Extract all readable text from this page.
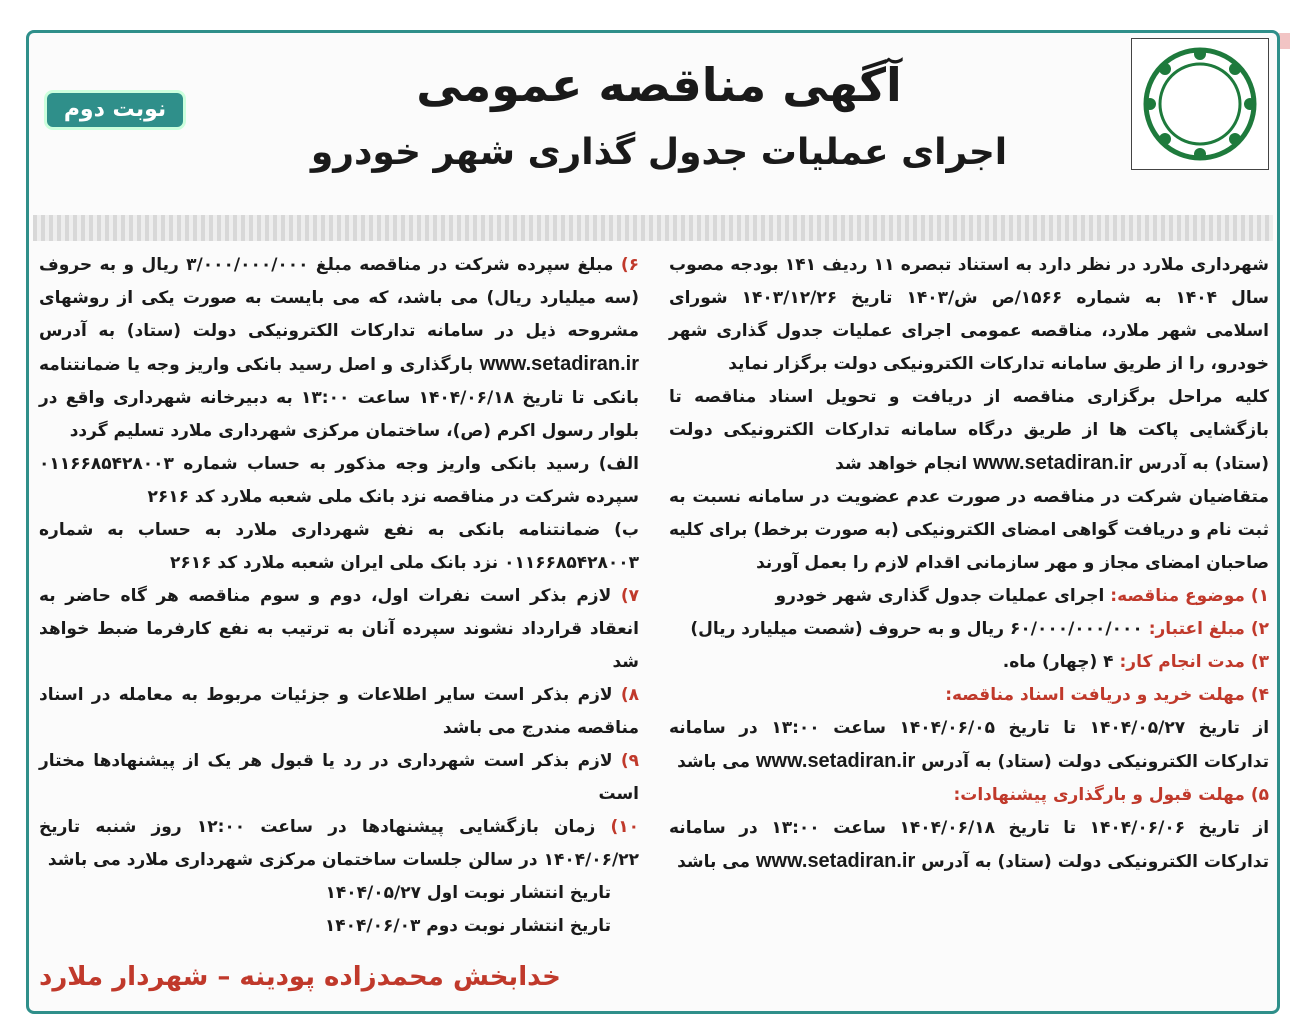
آگهی مناقصه عمومی
اجرای عملیات جدول گذاری شهر خودرو
نوبت دوم

شهرداری ملارد در نظر دارد به استناد تبصره ۱۱ ردیف ۱۴۱ بودجه مصوب سال ۱۴۰۴ به شماره ۱۵۶۶/ص ش/۱۴۰۳ تاریخ ۱۴۰۳/۱۲/۲۶ شورای اسلامی شهر ملارد، مناقصه عمومی اجرای عملیات جدول گذاری شهر خودرو، را از طریق سامانه تدارکات الکترونیکی دولت برگزار نماید

کلیه مراحل برگزاری مناقصه از دریافت و تحویل اسناد مناقصه تا بازگشایی پاکت ها از طریق درگاه سامانه تدارکات الکترونیکی دولت (ستاد) به آدرس www.setadiran.ir انجام خواهد شد

متقاضیان شرکت در مناقصه در صورت عدم عضویت در سامانه نسبت به ثبت نام و دریافت گواهی امضای الکترونیکی (به صورت برخط) برای کلیه صاحبان امضای مجاز و مهر سازمانی اقدام لازم را بعمل آورند

۱) موضوع مناقصه: اجرای عملیات جدول گذاری شهر خودرو

۲) مبلغ اعتبار: ۶۰/۰۰۰/۰۰۰/۰۰۰ ریال و به حروف (شصت میلیارد ریال)

۳) مدت انجام کار: ۴ (چهار) ماه.

۴) مهلت خرید و دریافت اسناد مناقصه:
از تاریخ ۱۴۰۴/۰۵/۲۷ تا تاریخ ۱۴۰۴/۰۶/۰۵ ساعت ۱۳:۰۰ در سامانه تدارکات الکترونیکی دولت (ستاد) به آدرس www.setadiran.ir می باشد

۵) مهلت قبول و بارگذاری پیشنهادات:
از تاریخ ۱۴۰۴/۰۶/۰۶ تا تاریخ ۱۴۰۴/۰۶/۱۸ ساعت ۱۳:۰۰ در سامانه تدارکات الکترونیکی دولت (ستاد) به آدرس www.setadiran.ir می باشد

۶) مبلغ سپرده شرکت در مناقصه مبلغ ۳/۰۰۰/۰۰۰/۰۰۰ ریال و به حروف (سه میلیارد ریال) می باشد، که می بایست به صورت یکی از روشهای مشروحه ذیل در سامانه تدارکات الکترونیکی دولت (ستاد) به آدرس www.setadiran.ir بارگذاری و اصل رسید بانکی واریز وجه یا ضمانتنامه بانکی تا تاریخ ۱۴۰۴/۰۶/۱۸ ساعت ۱۳:۰۰ به دبیرخانه شهرداری واقع در بلوار رسول اکرم (ص)، ساختمان مرکزی شهرداری ملارد تسلیم گردد

الف) رسید بانکی واریز وجه مذکور به حساب شماره ۰۱۱۶۶۸۵۴۲۸۰۰۳ سپرده شرکت در مناقصه نزد بانک ملی شعبه ملارد کد ۲۶۱۶

ب) ضمانتنامه بانکی به نفع شهرداری ملارد به حساب به شماره ۰۱۱۶۶۸۵۴۲۸۰۰۳ نزد بانک ملی ایران شعبه ملارد کد ۲۶۱۶

۷) لازم بذکر است نفرات اول، دوم و سوم مناقصه هر گاه حاضر به انعقاد قرارداد نشوند سپرده آنان به ترتیب به نفع کارفرما ضبط خواهد شد

۸) لازم بذکر است سایر اطلاعات و جزئیات مربوط به معامله در اسناد مناقصه مندرج می باشد

۹) لازم بذکر است شهرداری در رد یا قبول هر یک از پیشنهادها مختار است

۱۰) زمان بازگشایی پیشنهادها در ساعت ۱۲:۰۰ روز شنبه تاریخ ۱۴۰۴/۰۶/۲۲ در سالن جلسات ساختمان مرکزی شهرداری ملارد می باشد

تاریخ انتشار نوبت اول ۱۴۰۴/۰۵/۲۷

تاریخ انتشار نوبت دوم ۱۴۰۴/۰۶/۰۳

خدابخش محمدزاده پودینه – شهردار ملارد
